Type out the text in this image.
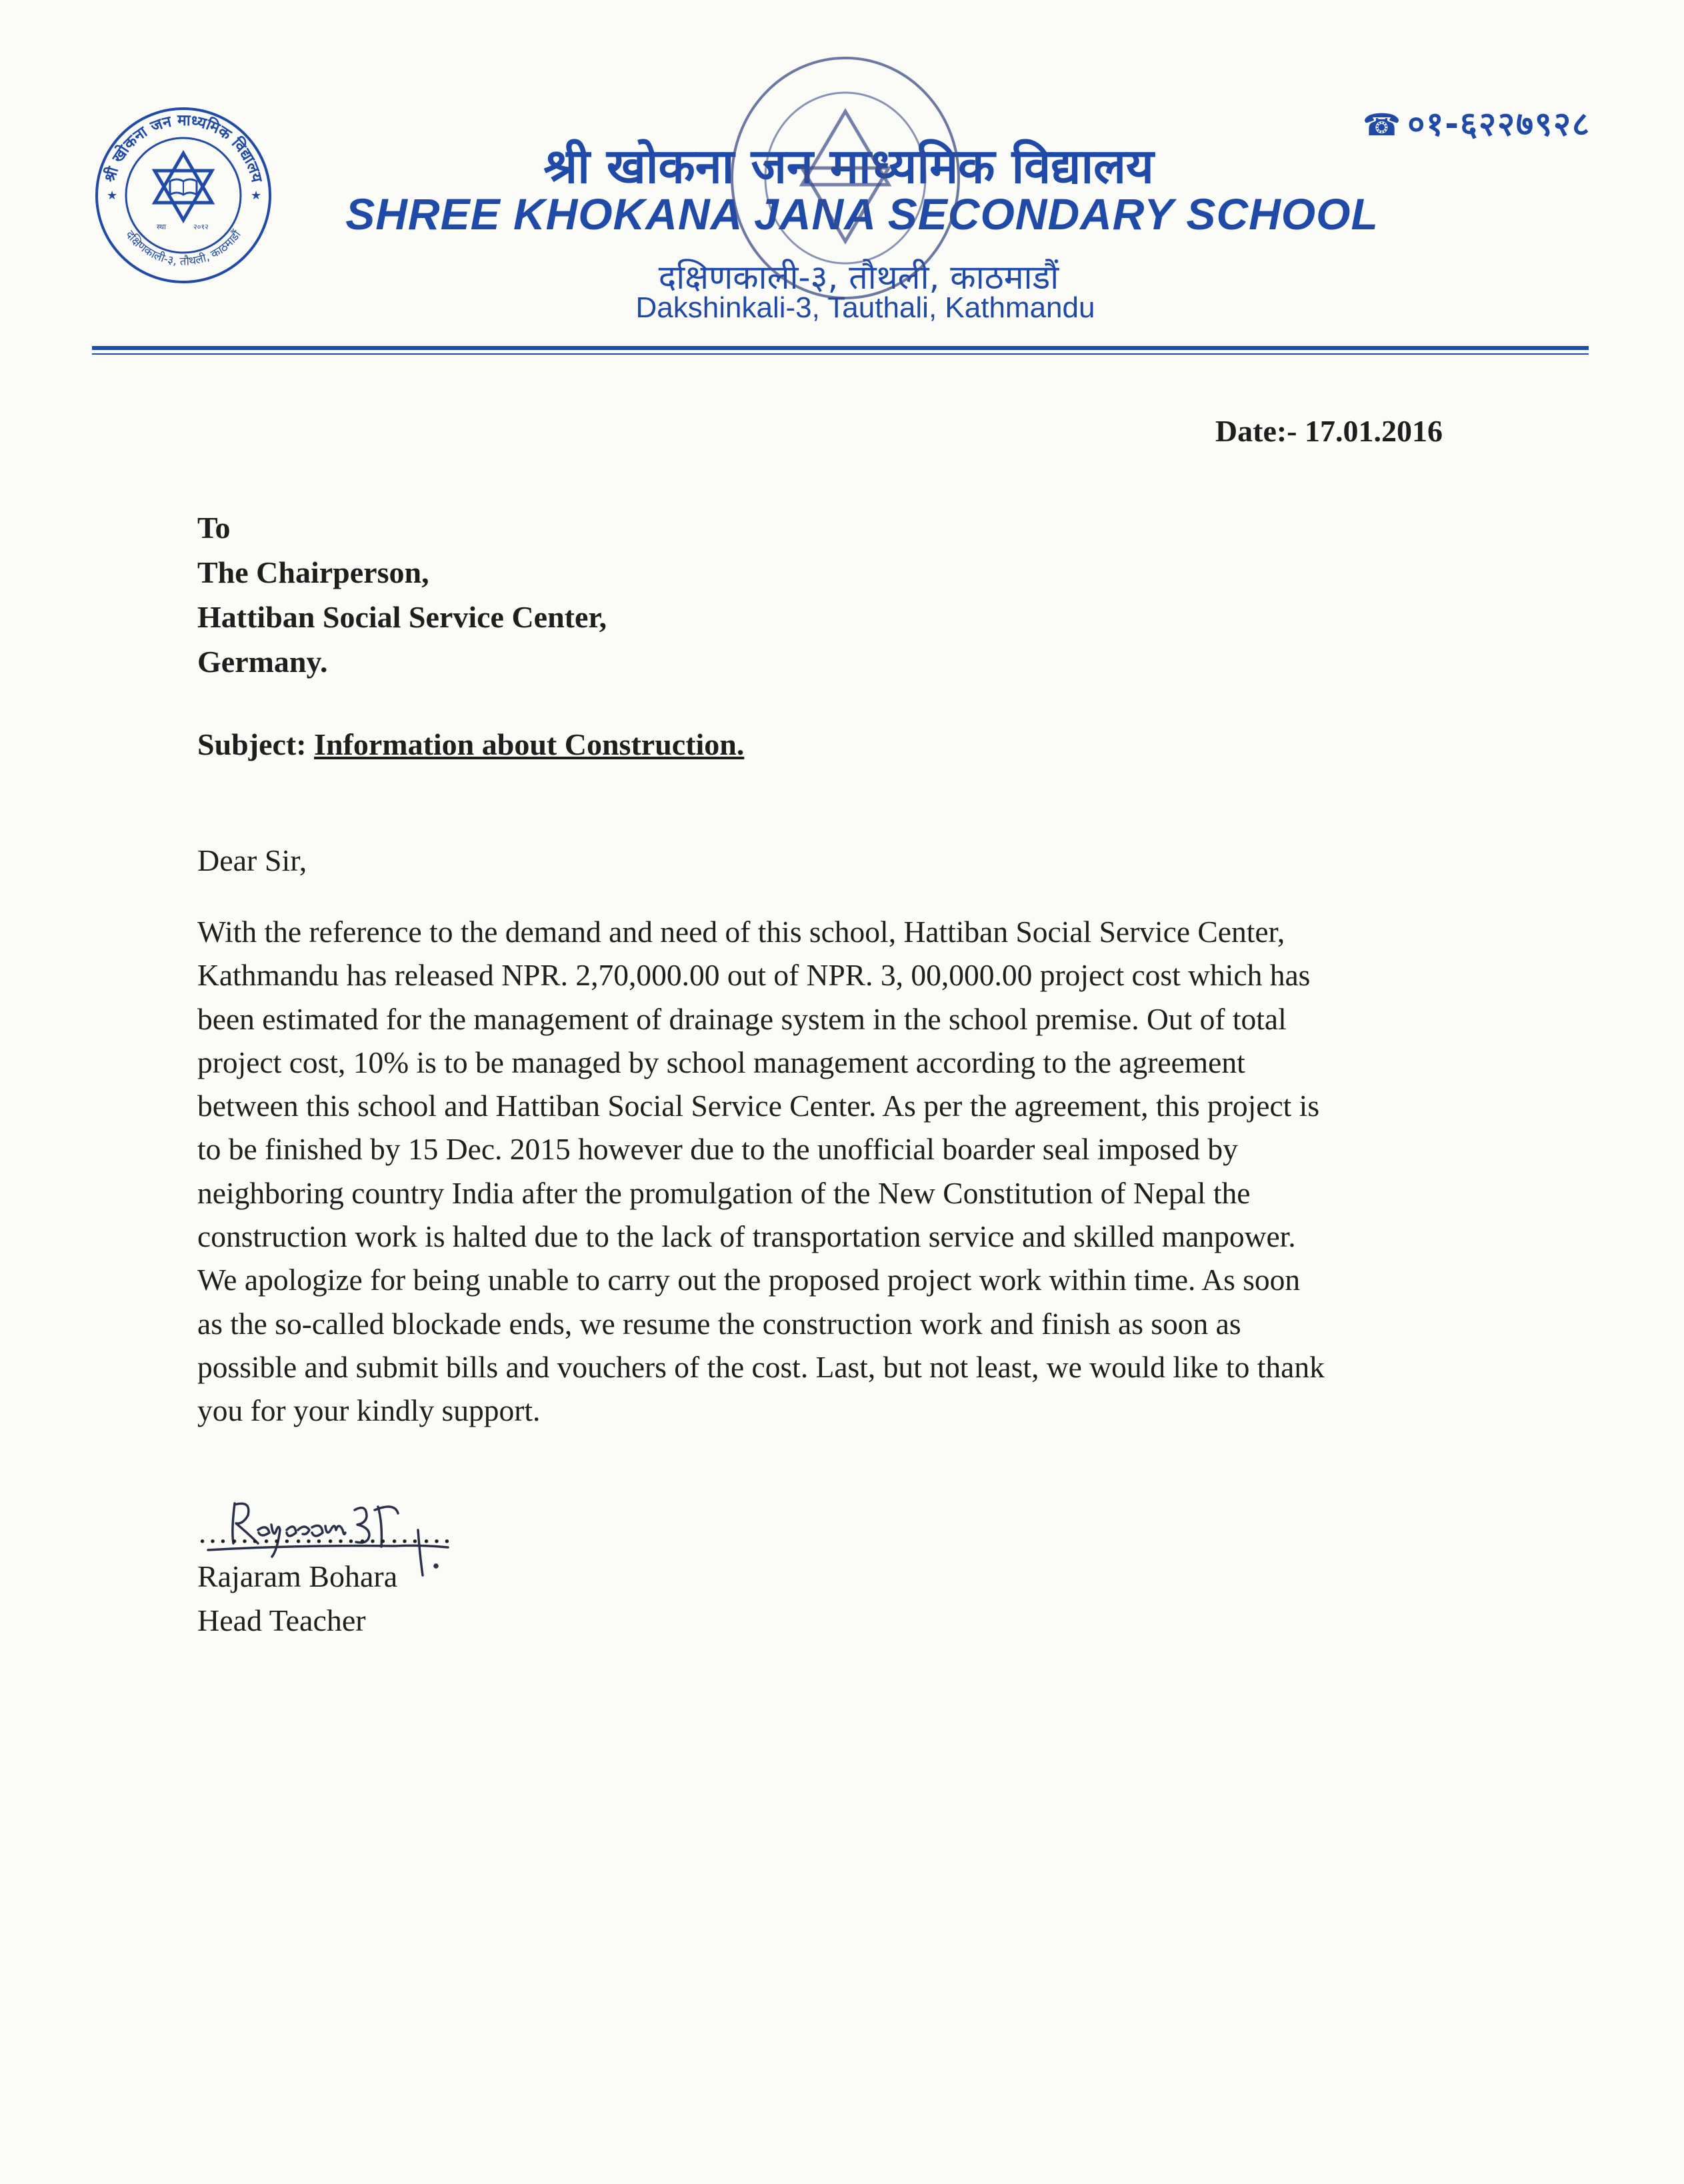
श्री खोकना जन माध्यमिक विद्यालय
दक्षिणकाली-३, तौथली, काठमाडौं
★	★
स्था	२०१२
श्री खोकना जन माध्यमिक विद्यालय
SHREE KHOKANA JANA SECONDARY SCHOOL
दक्षिणकाली-३, तौथली, काठमाडौं
Dakshinkali-3, Tauthali, Kathmandu
☎ ०१-६२२७९२८
Date:- 17.01.2016
To
The Chairperson,
Hattiban Social Service Center,
Germany.
Subject: Information about Construction.
Dear Sir,
With the reference to the demand and need of this school, Hattiban Social Service Center,
Kathmandu has released NPR. 2,70,000.00 out of NPR. 3, 00,000.00 project cost which has
been estimated for the management of drainage system in the school premise. Out of total
project cost, 10% is to be managed by school management according to the agreement
between this school and Hattiban Social Service Center. As per the agreement, this project is
to be finished by 15 Dec. 2015 however due to the unofficial boarder seal imposed by
neighboring country India after the promulgation of the New Constitution of Nepal the
construction work is halted due to the lack of transportation service and skilled manpower.
We apologize for being unable to carry out the proposed project work within time. As soon
as the so-called blockade ends, we resume the construction work and finish as soon as
possible and submit bills and vouchers of the cost. Last, but not least, we would like to thank
you for your kindly support.
……………………
Rajaram Bohara
Head Teacher
